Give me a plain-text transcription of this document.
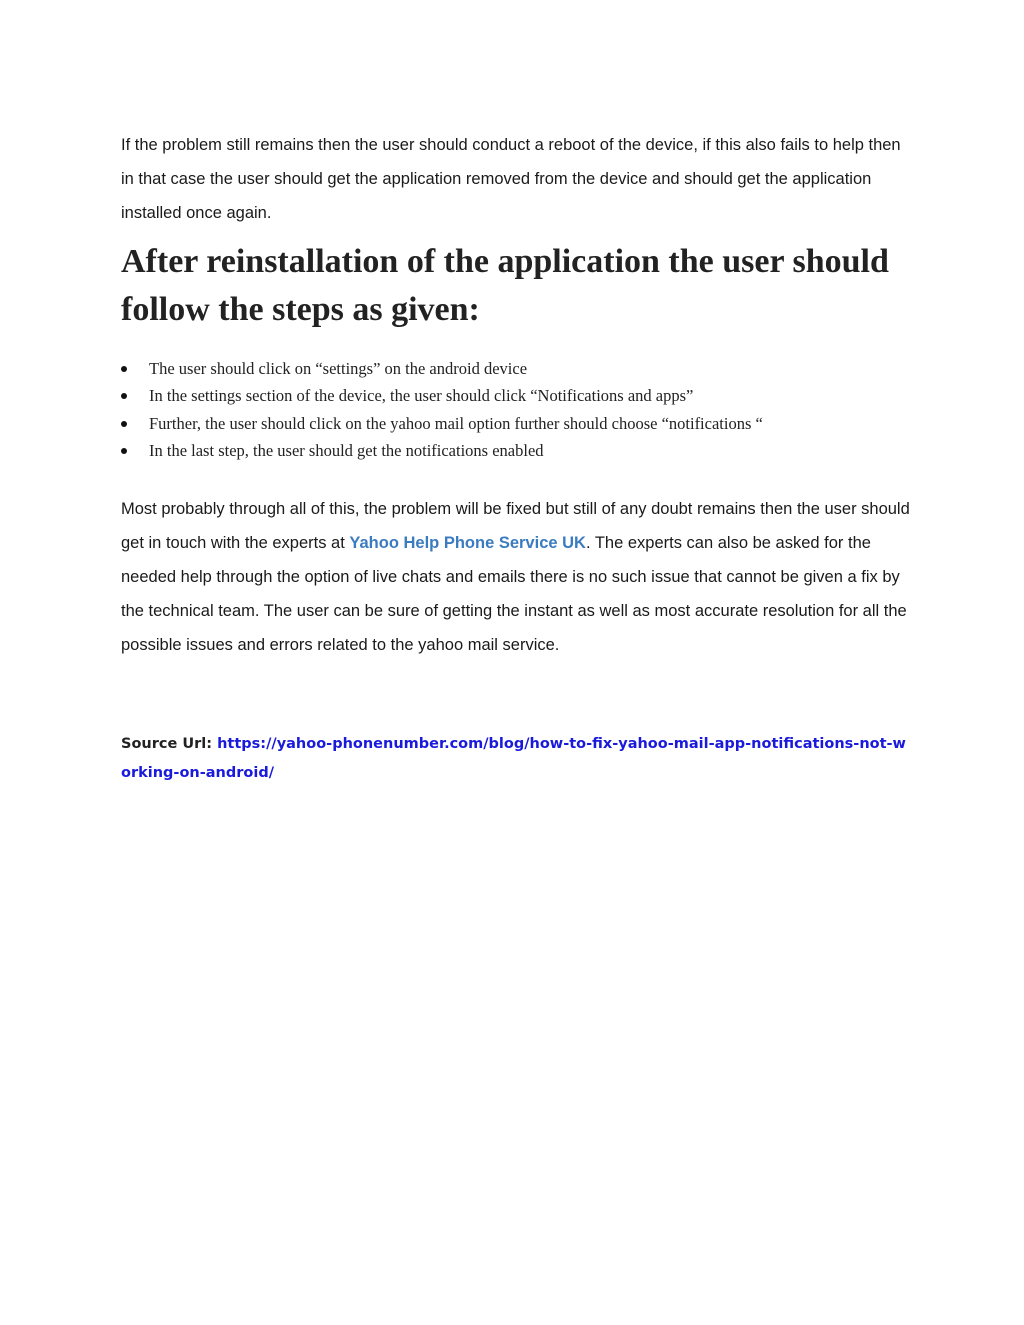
If the problem still remains then the user should conduct a reboot of the device, if this also fails to help then in that case the user should get the application removed from the device and should get the application installed once again.

After reinstallation of the application the user should follow the steps as given:
The user should click on “settings” on the android device
In the settings section of the device, the user should click “Notifications and apps”
Further, the user should click on the yahoo mail option further should choose “notifications “
In the last step, the user should get the notifications enabled

Most probably through all of this, the problem will be fixed but still of any doubt remains then the user should get in touch with the experts at Yahoo Help Phone Service UK. The experts can also be asked for the needed help through the option of live chats and emails there is no such issue that cannot be given a fix by the technical team. The user can be sure of getting the instant as well as most accurate resolution for all the possible issues and errors related to the yahoo mail service.

Source Url: https://yahoo-phonenumber.com/blog/how-to-fix-yahoo-mail-app-notifications-not-working-on-android/
